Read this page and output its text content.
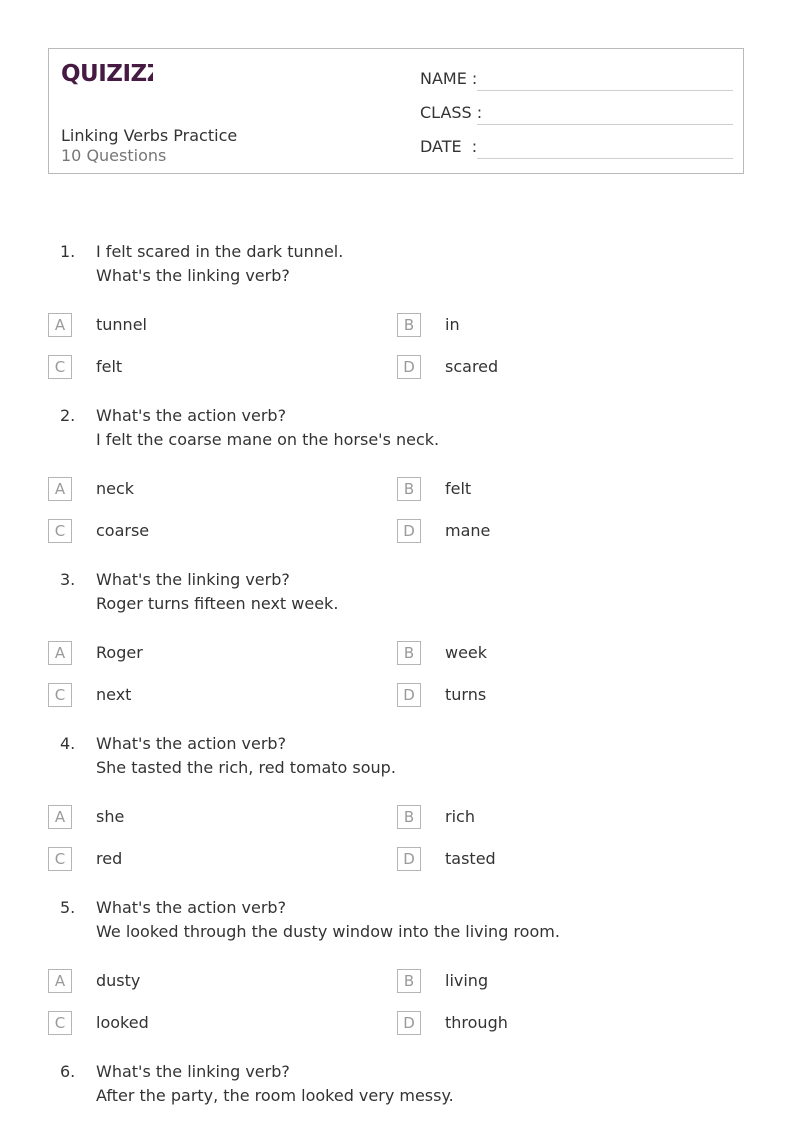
QUIZIZZ
Linking Verbs Practice
10 Questions
NAME :
CLASS :
DATE  :
1. I felt scared in the dark tunnel.
What's the linking verb?
A	tunnel	B	in
C	felt	D	scared
2. What's the action verb?
I felt the coarse mane on the horse's neck.
A	neck	B	felt
C	coarse	D	mane
3. What's the linking verb?
Roger turns fifteen next week.
A	Roger	B	week
C	next	D	turns
4. What's the action verb?
She tasted the rich, red tomato soup.
A	she	B	rich
C	red	D	tasted
5. What's the action verb?
We looked through the dusty window into the living room.
A	dusty	B	living
C	looked	D	through
6. What's the linking verb?
After the party, the room looked very messy.
